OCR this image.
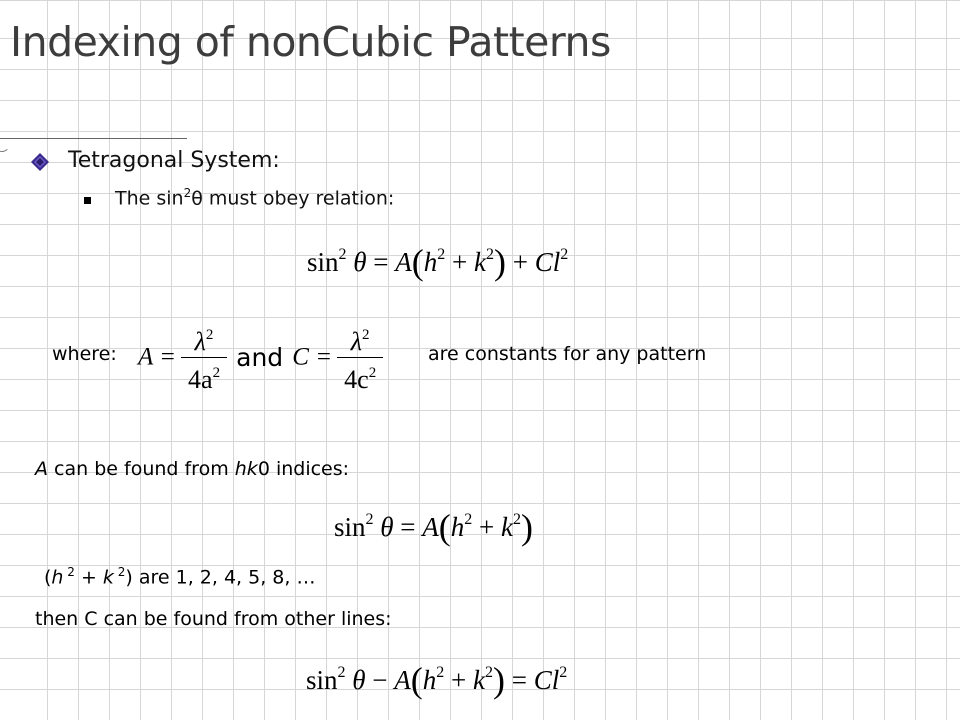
Indexing of nonCubic Patterns
Tetragonal System:
The $\sin^2\theta$ must obey relation:
$\sin^2 \theta = A(h^2 + k^2) + Cl^2$
where: $A = \frac{\lambda^2}{4a^2}$ and $C = \frac{\lambda^2}{4c^2}$ are constants for any pattern
A can be found from hk0 indices:
$\sin^2 \theta = A(h^2 + k^2)$
(h $^2$ + k $^2$) are 1, 2, 4, 5, 8, …
then C can be found from other lines:
$\sin^2 \theta - A(h^2 + k^2) = Cl^2$
